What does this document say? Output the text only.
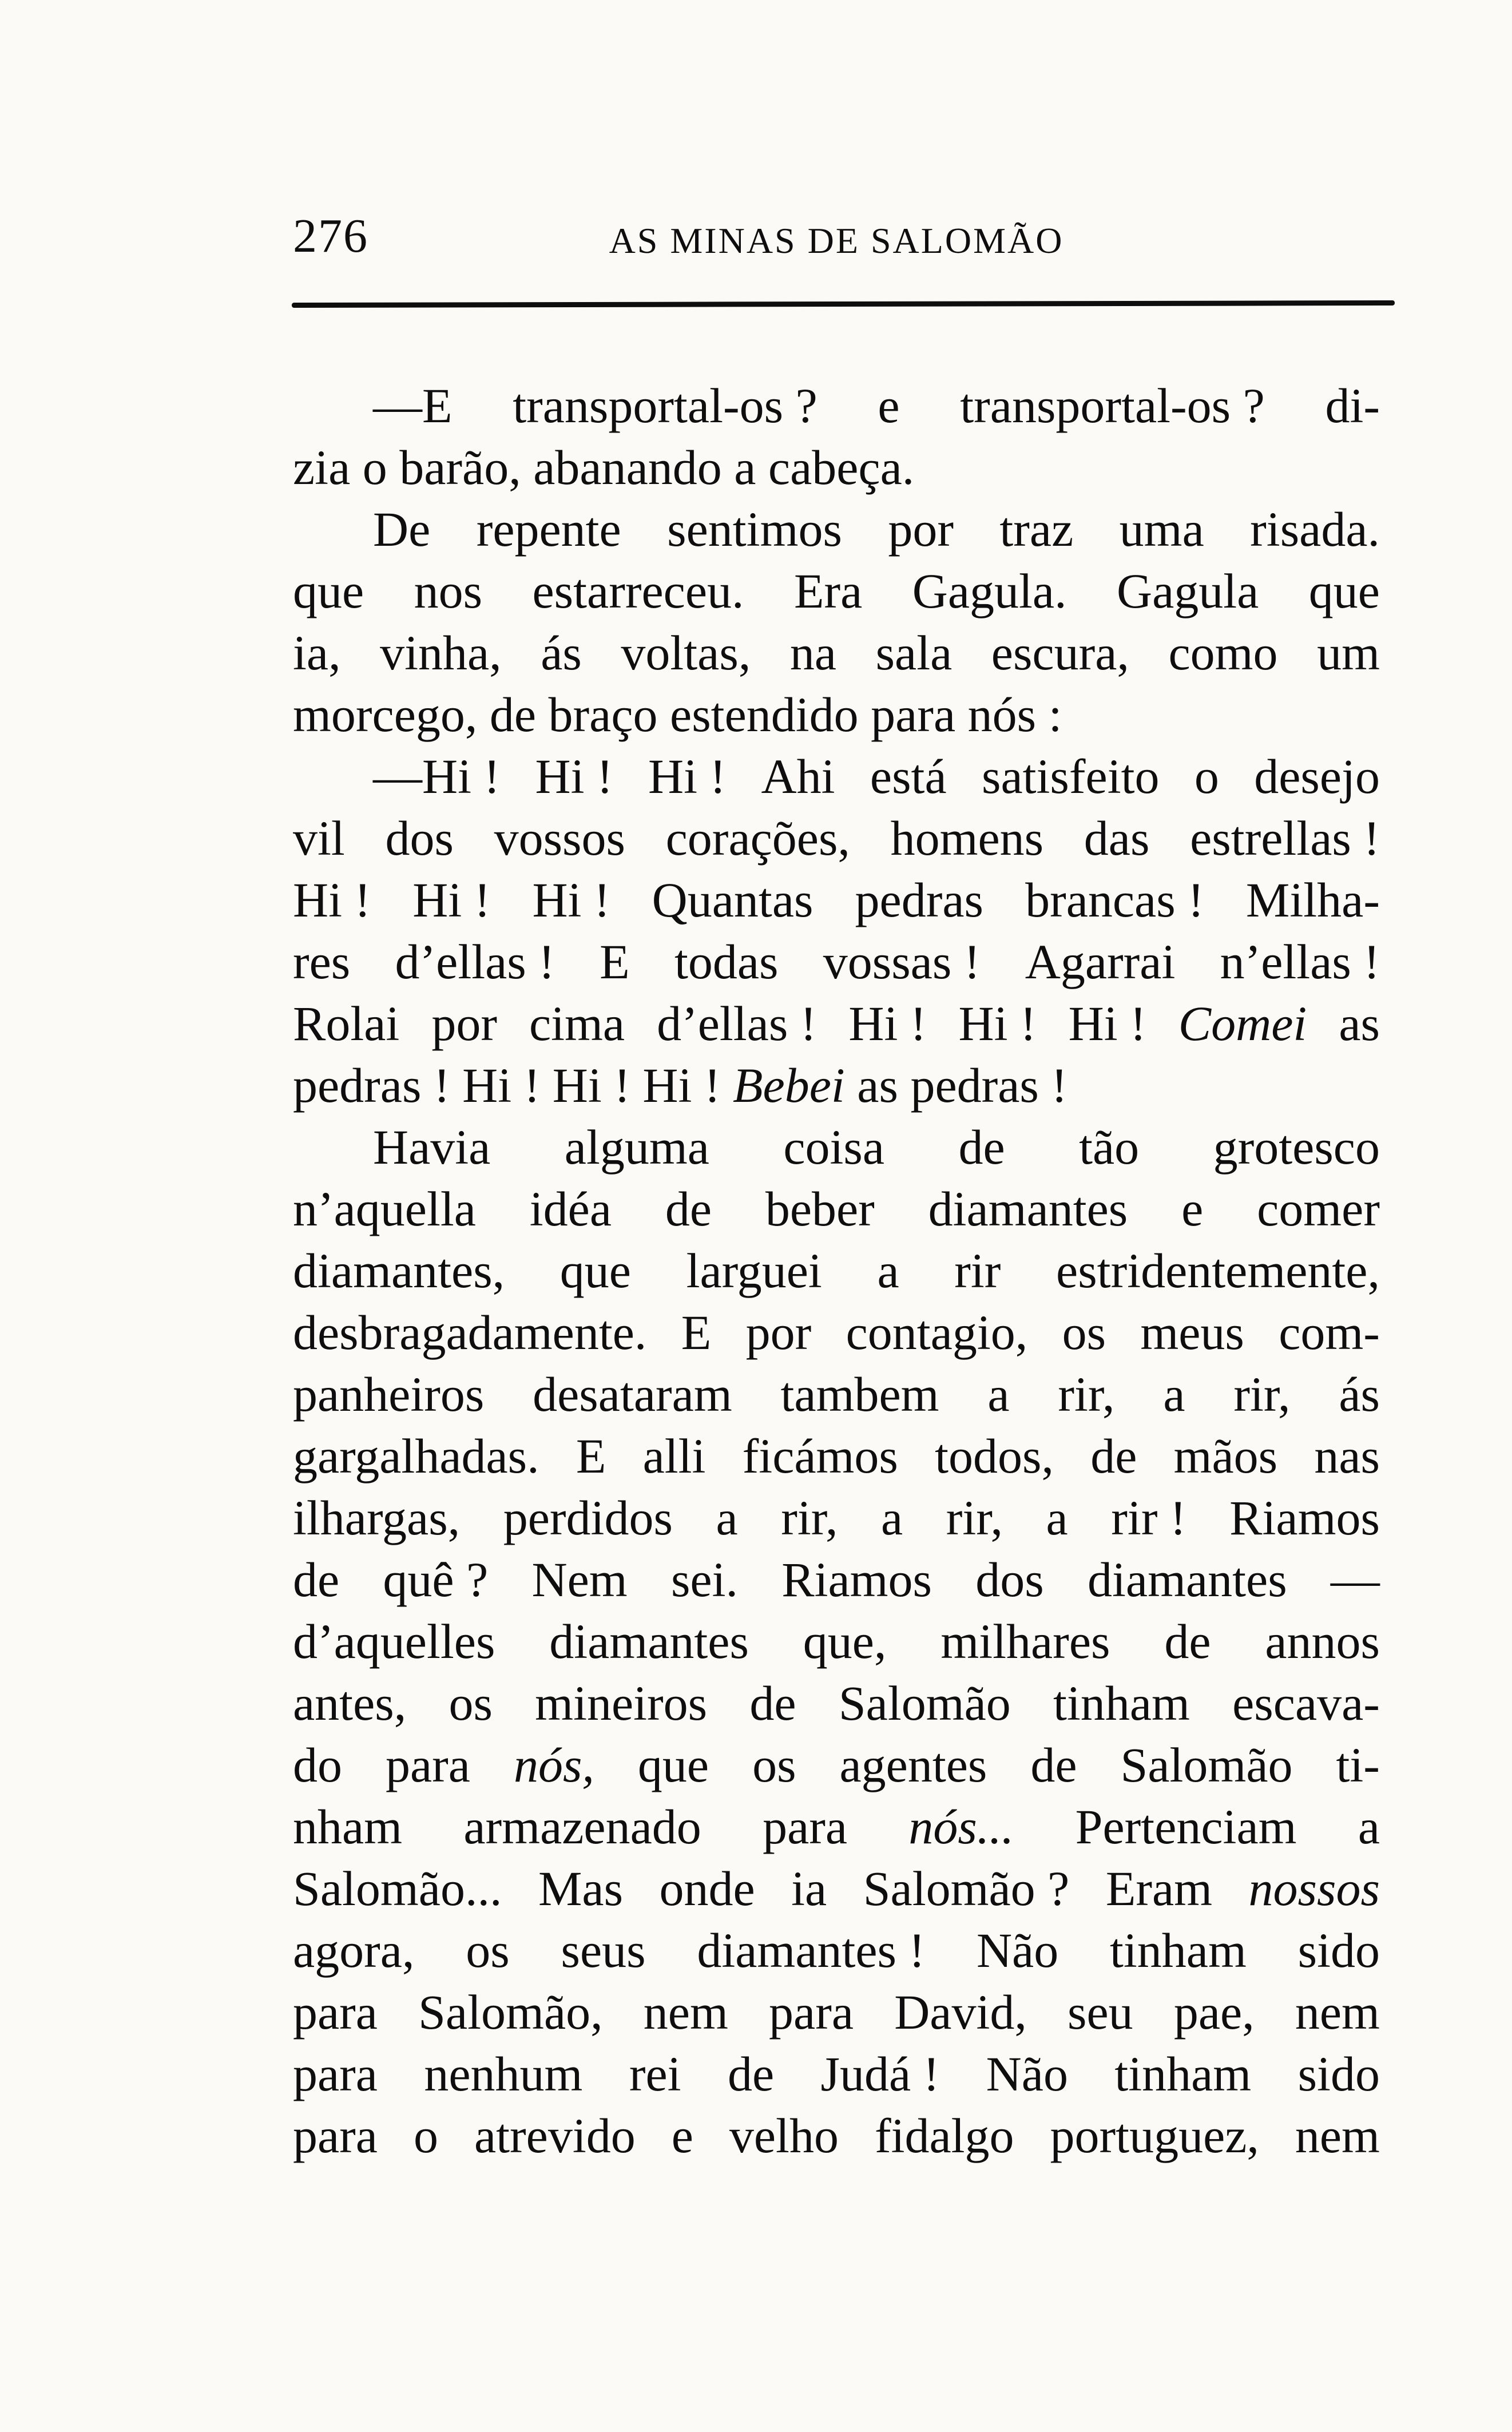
276	AS MINAS DE SALOMÃO
—E transportal-os ? e transportal-os ? di-
zia o barão, abanando a cabeça.
De repente sentimos por traz uma risada.
que nos estarreceu. Era Gagula. Gagula que
ia, vinha, ás voltas, na sala escura, como um
morcego, de braço estendido para nós :
—Hi ! Hi ! Hi ! Ahi está satisfeito o desejo
vil dos vossos corações, homens das estrellas !
Hi ! Hi ! Hi ! Quantas pedras brancas ! Milha-
res d’ellas ! E todas vossas ! Agarrai n’ellas !
Rolai por cima d’ellas ! Hi ! Hi ! Hi ! Comei as
pedras ! Hi ! Hi ! Hi ! Bebei as pedras !
Havia alguma coisa de tão grotesco
n’aquella idéa de beber diamantes e comer
diamantes, que larguei a rir estridentemente,
desbragadamente. E por contagio, os meus com-
panheiros desataram tambem a rir, a rir, ás
gargalhadas. E alli ficámos todos, de mãos nas
ilhargas, perdidos a rir, a rir, a rir ! Riamos
de quê ? Nem sei. Riamos dos diamantes —
d’aquelles diamantes que, milhares de annos
antes, os mineiros de Salomão tinham escava-
do para nós, que os agentes de Salomão ti-
nham armazenado para nós... Pertenciam a
Salomão... Mas onde ia Salomão ? Eram nossos
agora, os seus diamantes ! Não tinham sido
para Salomão, nem para David, seu pae, nem
para nenhum rei de Judá ! Não tinham sido
para o atrevido e velho fidalgo portuguez, nem
